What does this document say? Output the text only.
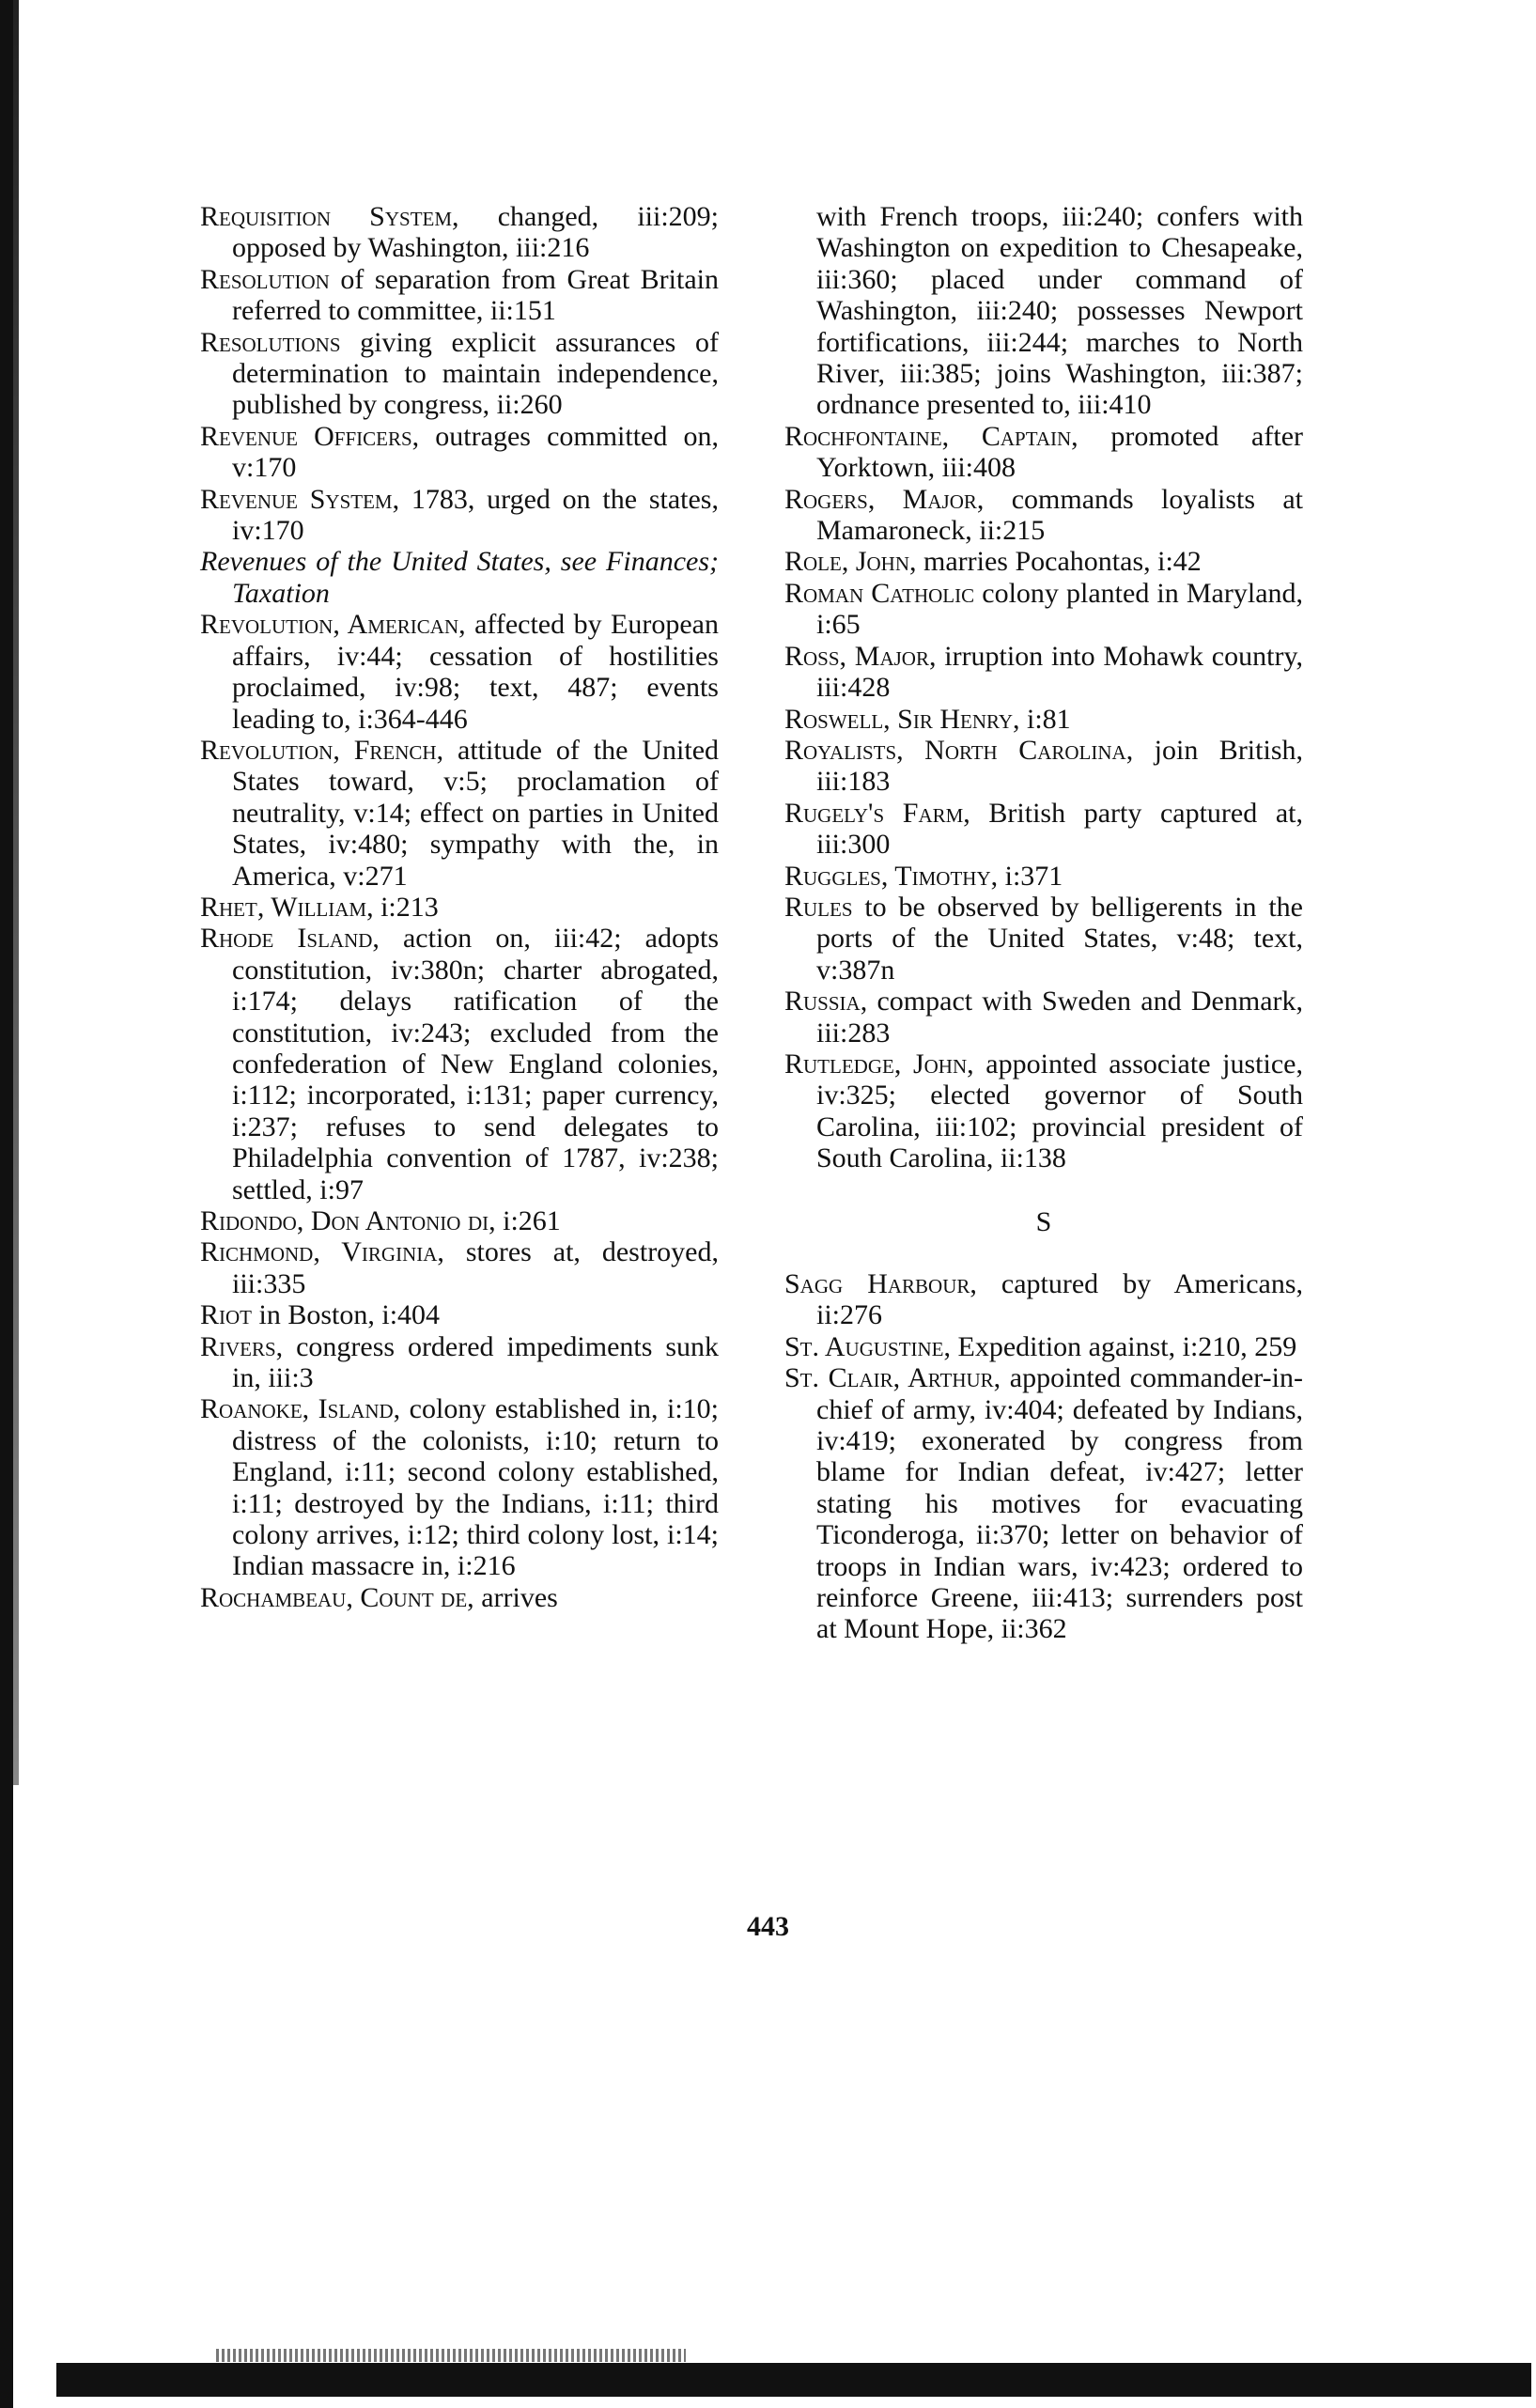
Requisition System, changed, iii:209; opposed by Washington, iii:216

Resolution of separation from Great Britain referred to committee, ii:151

Resolutions giving explicit assurances of determination to maintain independence, published by congress, ii:260

Revenue Officers, outrages committed on, v:170

Revenue System, 1783, urged on the states, iv:170

Revenues of the United States, see Finances; Taxation

Revolution, American, affected by European affairs, iv:44; cessation of hostilities proclaimed, iv:98; text, 487; events leading to, i:364-446

Revolution, French, attitude of the United States toward, v:5; proclamation of neutrality, v:14; effect on parties in United States, iv:480; sympathy with the, in America, v:271

Rhet, William, i:213

Rhode Island, action on, iii:42; adopts constitution, iv:380n; charter abrogated, i:174; delays ratification of the constitution, iv:243; excluded from the confederation of New England colonies, i:112; incorporated, i:131; paper currency, i:237; refuses to send delegates to Philadelphia convention of 1787, iv:238; settled, i:97

Ridondo, Don Antonio di, i:261

Richmond, Virginia, stores at, destroyed, iii:335

Riot in Boston, i:404

Rivers, congress ordered impediments sunk in, iii:3

Roanoke, Island, colony established in, i:10; distress of the colonists, i:10; return to England, i:11; second colony established, i:11; destroyed by the Indians, i:11; third colony arrives, i:12; third colony lost, i:14; Indian massacre in, i:216

Rochambeau, Count de, arrives

with French troops, iii:240; confers with Washington on expedition to Chesapeake, iii:360; placed under command of Washington, iii:240; possesses Newport fortifications, iii:244; marches to North River, iii:385; joins Washington, iii:387; ordnance presented to, iii:410

Rochfontaine, Captain, promoted after Yorktown, iii:408

Rogers, Major, commands loyalists at Mamaroneck, ii:215

Role, John, marries Pocahontas, i:42

Roman Catholic colony planted in Maryland, i:65

Ross, Major, irruption into Mohawk country, iii:428

Roswell, Sir Henry, i:81

Royalists, North Carolina, join British, iii:183

Rugely's Farm, British party captured at, iii:300

Ruggles, Timothy, i:371

Rules to be observed by belligerents in the ports of the United States, v:48; text, v:387n

Russia, compact with Sweden and Denmark, iii:283

Rutledge, John, appointed associate justice, iv:325; elected governor of South Carolina, iii:102; provincial president of South Carolina, ii:138

S

Sagg Harbour, captured by Americans, ii:276

St. Augustine, Expedition against, i:210, 259

St. Clair, Arthur, appointed commander-in-chief of army, iv:404; defeated by Indians, iv:419; exonerated by congress from blame for Indian defeat, iv:427; letter stating his motives for evacuating Ticonderoga, ii:370; letter on behavior of troops in Indian wars, iv:423; ordered to reinforce Greene, iii:413; surrenders post at Mount Hope, ii:362

443
